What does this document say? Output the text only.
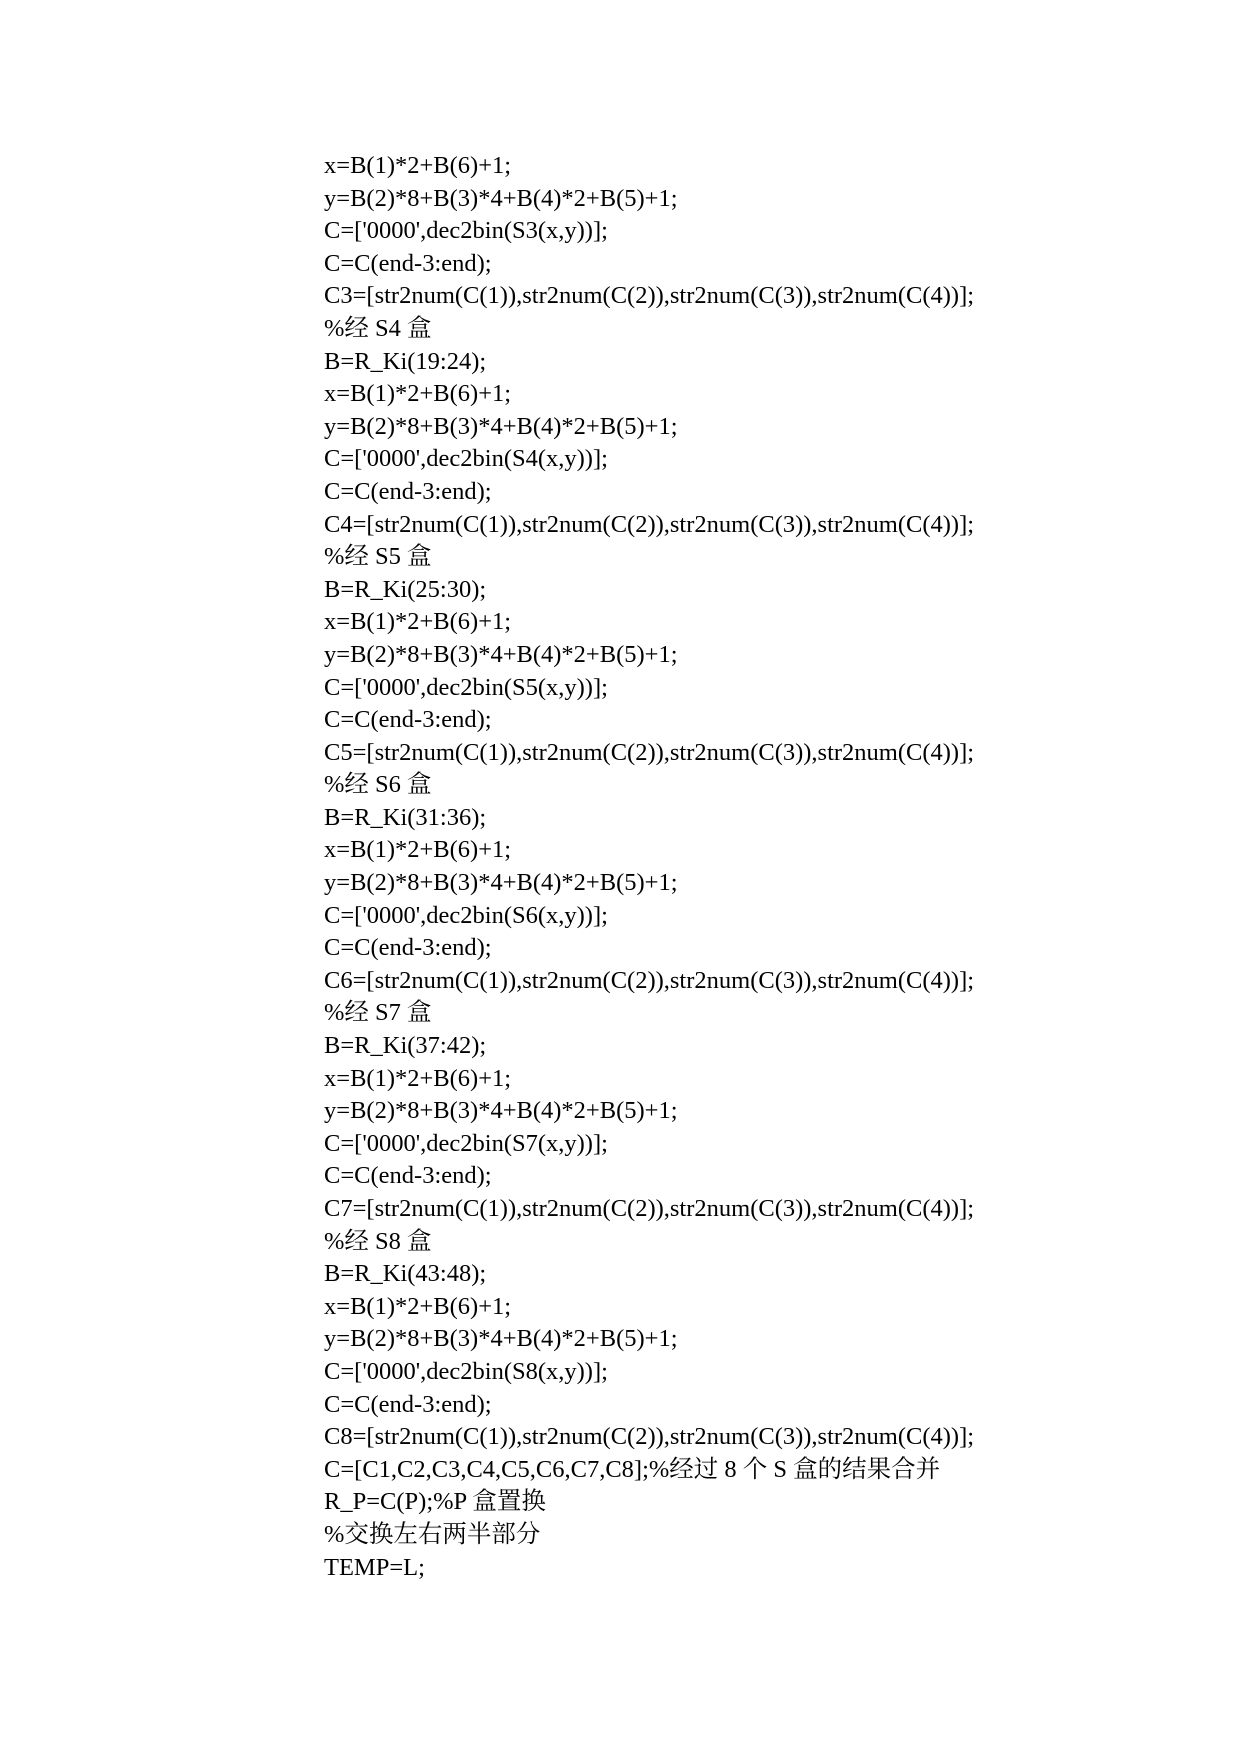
x=B(1)*2+B(6)+1;
y=B(2)*8+B(3)*4+B(4)*2+B(5)+1;
C=['0000',dec2bin(S3(x,y))];
C=C(end-3:end);
C3=[str2num(C(1)),str2num(C(2)),str2num(C(3)),str2num(C(4))];
%经 S4 盒
B=R_Ki(19:24);
x=B(1)*2+B(6)+1;
y=B(2)*8+B(3)*4+B(4)*2+B(5)+1;
C=['0000',dec2bin(S4(x,y))];
C=C(end-3:end);
C4=[str2num(C(1)),str2num(C(2)),str2num(C(3)),str2num(C(4))];
%经 S5 盒
B=R_Ki(25:30);
x=B(1)*2+B(6)+1;
y=B(2)*8+B(3)*4+B(4)*2+B(5)+1;
C=['0000',dec2bin(S5(x,y))];
C=C(end-3:end);
C5=[str2num(C(1)),str2num(C(2)),str2num(C(3)),str2num(C(4))];
%经 S6 盒
B=R_Ki(31:36);
x=B(1)*2+B(6)+1;
y=B(2)*8+B(3)*4+B(4)*2+B(5)+1;
C=['0000',dec2bin(S6(x,y))];
C=C(end-3:end);
C6=[str2num(C(1)),str2num(C(2)),str2num(C(3)),str2num(C(4))];
%经 S7 盒
B=R_Ki(37:42);
x=B(1)*2+B(6)+1;
y=B(2)*8+B(3)*4+B(4)*2+B(5)+1;
C=['0000',dec2bin(S7(x,y))];
C=C(end-3:end);
C7=[str2num(C(1)),str2num(C(2)),str2num(C(3)),str2num(C(4))];
%经 S8 盒
B=R_Ki(43:48);
x=B(1)*2+B(6)+1;
y=B(2)*8+B(3)*4+B(4)*2+B(5)+1;
C=['0000',dec2bin(S8(x,y))];
C=C(end-3:end);
C8=[str2num(C(1)),str2num(C(2)),str2num(C(3)),str2num(C(4))];
C=[C1,C2,C3,C4,C5,C6,C7,C8];%经过 8 个 S 盒的结果合并
R_P=C(P);%P 盒置换
%交换左右两半部分
TEMP=L;
